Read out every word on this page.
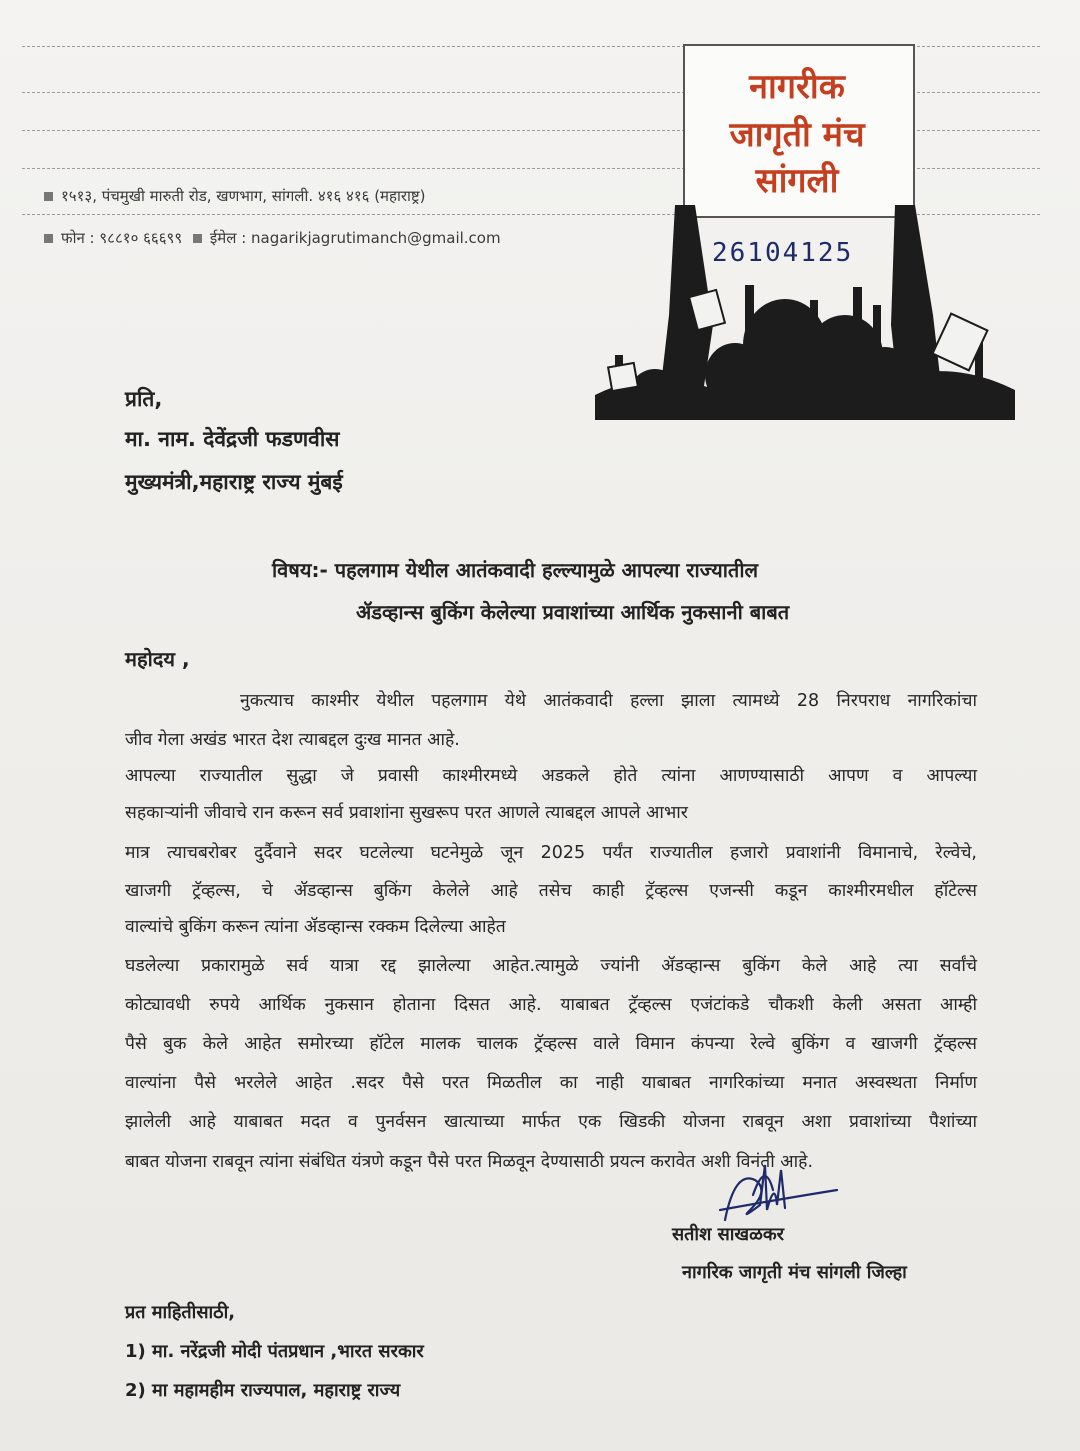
१५१३, पंचमुखी मारुती रोड, खणभाग, सांगली. ४१६ ४१६ (महाराष्ट्र)
फोन : ९८८१० ६६६९९ ईमेल : nagarikjagrutimanch@gmail.com
नागरीक
जागृती मंच
सांगली
26104125
प्रति,
मा. नाम. देवेंद्रजी फडणवीस
मुख्यमंत्री,महाराष्ट्र राज्य मुंबई
विषय:- पहलगाम येथील आतंकवादी हल्ल्यामुळे आपल्या राज्यातील
ॲडव्हान्स बुकिंग केलेल्या प्रवाशांच्या आर्थिक नुकसानी बाबत
महोदय ,
नुकत्याच काश्मीर येथील पहलगाम येथे आतंकवादी हल्ला झाला त्यामध्ये 28 निरपराध नागरिकांचा
जीव गेला अखंड भारत देश त्याबद्दल दुःख मानत आहे.
आपल्या राज्यातील सुद्धा जे प्रवासी काश्मीरमध्ये अडकले होते त्यांना आणण्यासाठी आपण व आपल्या
सहकाऱ्यांनी जीवाचे रान करून सर्व प्रवाशांना सुखरूप परत आणले त्याबद्दल आपले आभार
मात्र त्याचबरोबर दुर्दैवाने सदर घटलेल्या घटनेमुळे जून 2025 पर्यंत राज्यातील हजारो प्रवाशांनी विमानाचे, रेल्वेचे,
खाजगी ट्रॅव्हल्स, चे ॲडव्हान्स बुकिंग केलेले आहे तसेच काही ट्रॅव्हल्स एजन्सी कडून काश्मीरमधील हॉटेल्स
वाल्यांचे बुकिंग करून त्यांना ॲडव्हान्स रक्कम दिलेल्या आहेत
घडलेल्या प्रकारामुळे सर्व यात्रा रद्द झालेल्या आहेत.त्यामुळे ज्यांनी ॲडव्हान्स बुकिंग केले आहे त्या सर्वांचे
कोट्यावधी रुपये आर्थिक नुकसान होताना दिसत आहे. याबाबत ट्रॅव्हल्स एजंटांकडे चौकशी केली असता आम्ही
पैसे बुक केले आहेत समोरच्या हॉटेल मालक चालक ट्रॅव्हल्स वाले विमान कंपन्या रेल्वे बुकिंग व खाजगी ट्रॅव्हल्स
वाल्यांना पैसे भरलेले आहेत .सदर पैसे परत मिळतील का नाही याबाबत नागरिकांच्या मनात अस्वस्थता निर्माण
झालेली आहे याबाबत मदत व पुनर्वसन खात्याच्या मार्फत एक खिडकी योजना राबवून अशा प्रवाशांच्या पैशांच्या
बाबत योजना राबवून त्यांना संबंधित यंत्रणे कडून पैसे परत मिळवून देण्यासाठी प्रयत्न करावेत अशी विनंती आहे.
सतीश साखळकर
नागरिक जागृती मंच सांगली जिल्हा
प्रत माहितीसाठी,
1) मा. नरेंद्रजी मोदी पंतप्रधान ,भारत सरकार
2) मा महामहीम राज्यपाल, महाराष्ट्र राज्य
